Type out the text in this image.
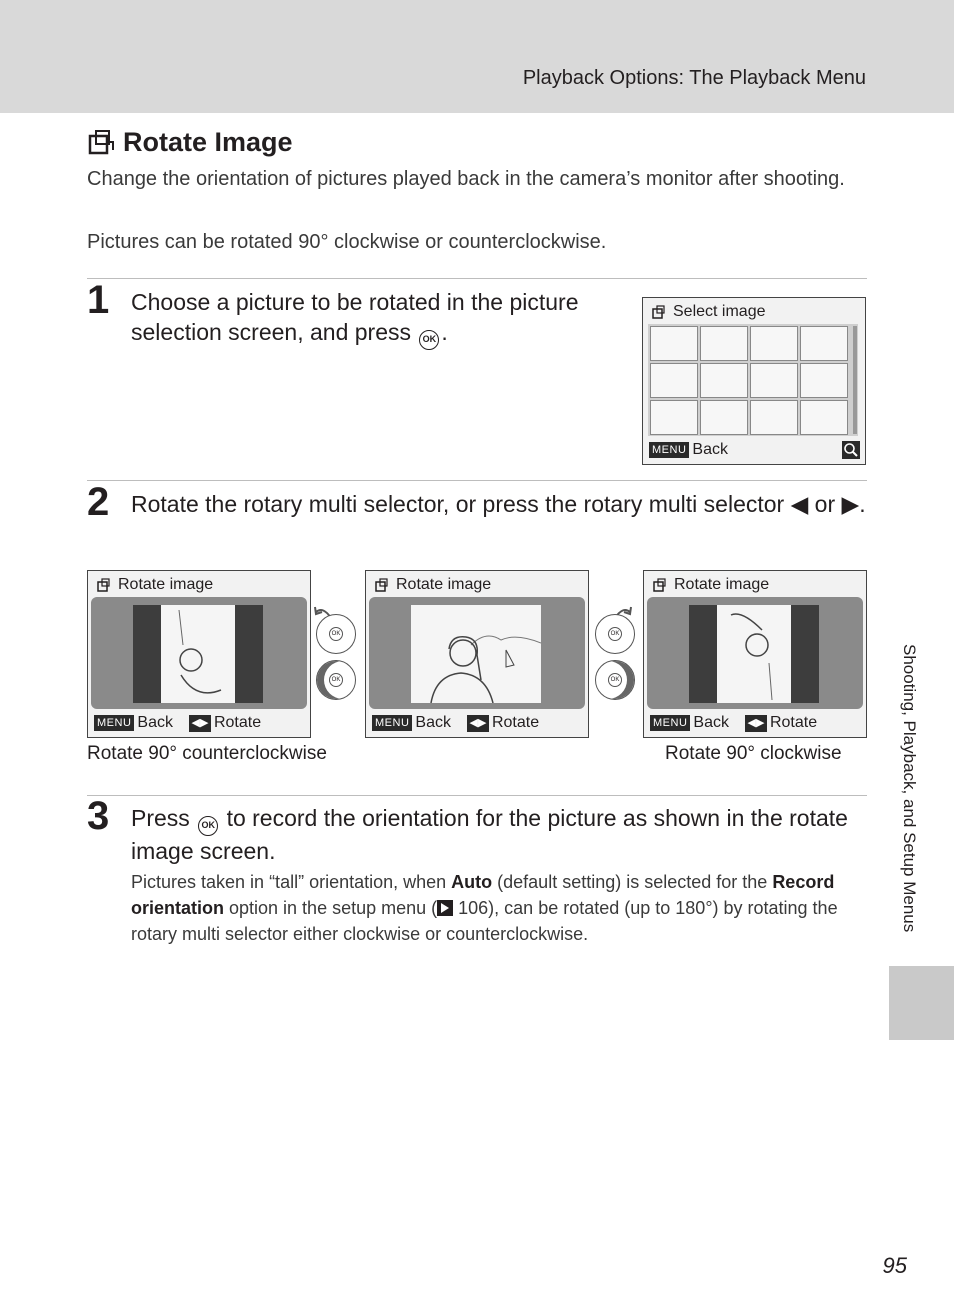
Playback Options: The Playback Menu
Rotate Image
Change the orientation of pictures played back in the camera’s monitor after shooting.
Pictures can be rotated 90° clockwise or counterclockwise.
1 Choose a picture to be rotated in the picture selection screen, and press OK .
Select image
MENU Back
2 Rotate the rotary multi selector, or press the rotary multi selector ◀ or ▶.
Rotate image
MENU Back ◀▶ Rotate
OK
OK
Rotate image
MENU Back ◀▶ Rotate
OK
OK
Rotate image
MENU Back ◀▶ Rotate
Rotate 90° counterclockwise	Rotate 90° clockwise
3 Press OK to record the orientation for the picture as shown in the rotate image screen.
Pictures taken in “tall” orientation, when Auto (default setting) is selected for the Record orientation option in the setup menu ( 106), can be rotated (up to 180°) by rotating the rotary multi selector either clockwise or counterclockwise.
Shooting, Playback, and Setup Menus
95
